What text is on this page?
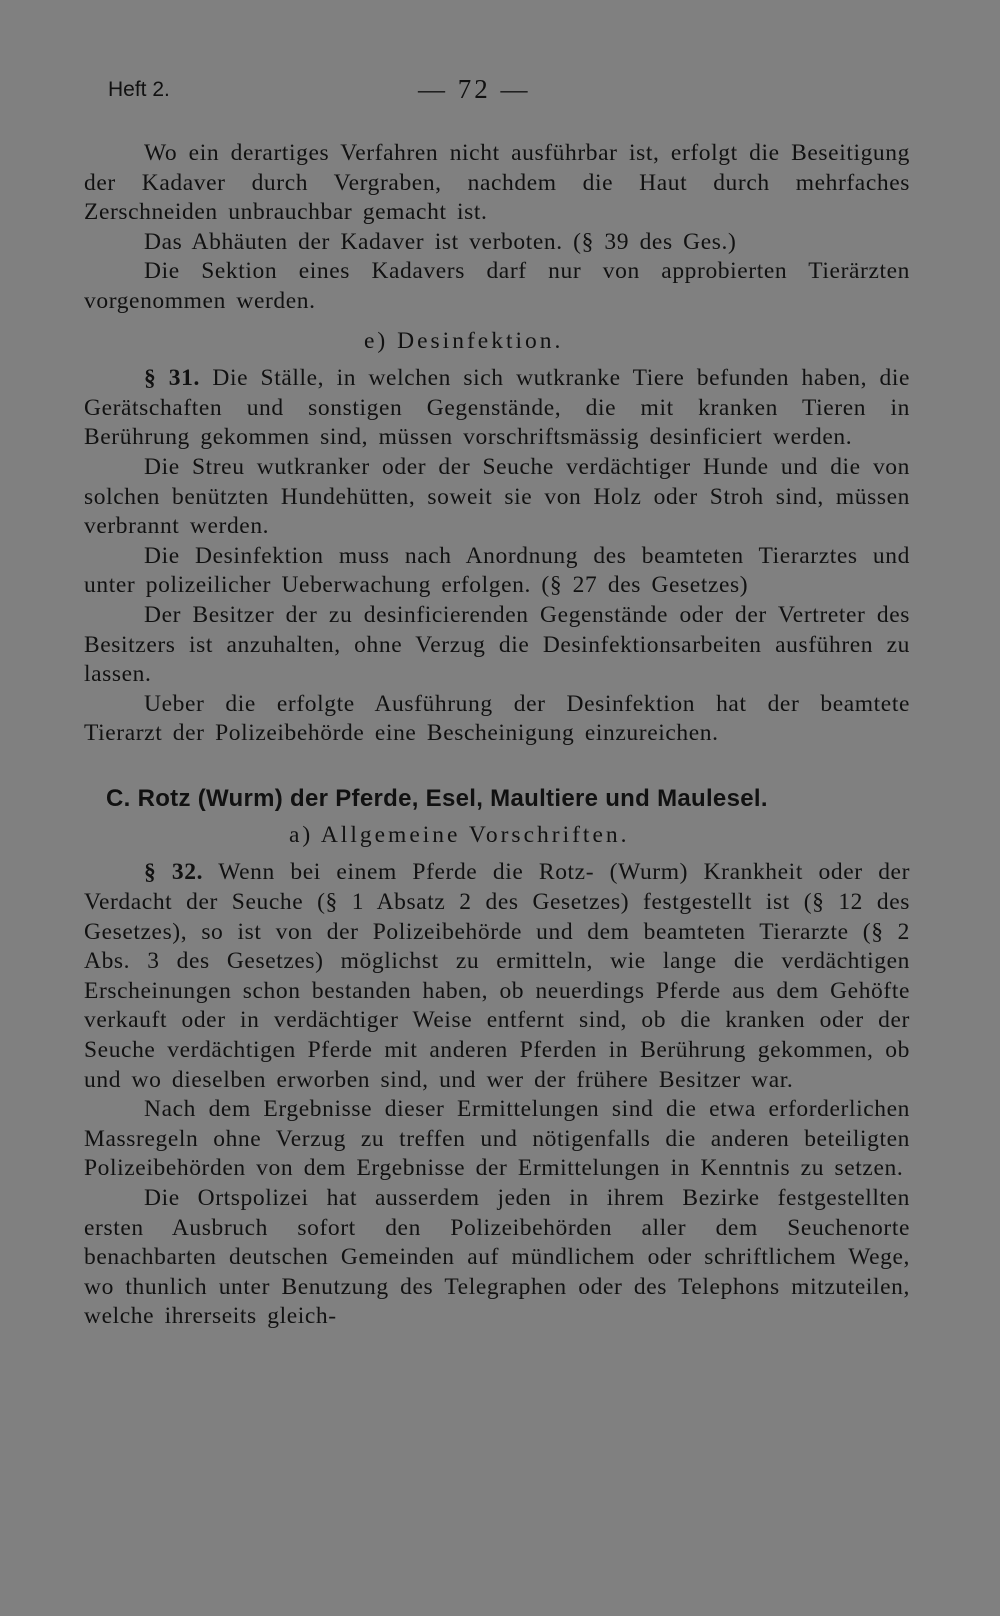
Heft 2.	— 72 —

Wo ein derartiges Verfahren nicht ausführbar ist, erfolgt die Beseitigung der Kadaver durch Vergraben, nachdem die Haut durch mehrfaches Zerschneiden unbrauchbar gemacht ist.

Das Abhäuten der Kadaver ist verboten. (§ 39 des Ges.)

Die Sektion eines Kadavers darf nur von approbierten Tierärzten vorgenommen werden.

e) Desinfektion.

§ 31. Die Ställe, in welchen sich wutkranke Tiere befunden haben, die Gerätschaften und sonstigen Gegenstände, die mit kranken Tieren in Berührung gekommen sind, müssen vorschriftsmässig desinficiert werden.

Die Streu wutkranker oder der Seuche verdächtiger Hunde und die von solchen benützten Hundehütten, soweit sie von Holz oder Stroh sind, müssen verbrannt werden.

Die Desinfektion muss nach Anordnung des beamteten Tierarztes und unter polizeilicher Ueberwachung erfolgen. (§ 27 des Gesetzes)

Der Besitzer der zu desinficierenden Gegenstände oder der Vertreter des Besitzers ist anzuhalten, ohne Verzug die Desinfektionsarbeiten ausführen zu lassen.

Ueber die erfolgte Ausführung der Desinfektion hat der beamtete Tierarzt der Polizeibehörde eine Bescheinigung einzureichen.

C. Rotz (Wurm) der Pferde, Esel, Maultiere und Maulesel.
a) Allgemeine Vorschriften.

§ 32. Wenn bei einem Pferde die Rotz- (Wurm) Krankheit oder der Verdacht der Seuche (§ 1 Absatz 2 des Gesetzes) festgestellt ist (§ 12 des Gesetzes), so ist von der Polizeibehörde und dem beamteten Tierarzte (§ 2 Abs. 3 des Gesetzes) möglichst zu ermitteln, wie lange die verdächtigen Erscheinungen schon bestanden haben, ob neuerdings Pferde aus dem Gehöfte verkauft oder in verdächtiger Weise entfernt sind, ob die kranken oder der Seuche verdächtigen Pferde mit anderen Pferden in Berührung gekommen, ob und wo dieselben erworben sind, und wer der frühere Besitzer war.

Nach dem Ergebnisse dieser Ermittelungen sind die etwa erforderlichen Massregeln ohne Verzug zu treffen und nötigenfalls die anderen beteiligten Polizeibehörden von dem Ergebnisse der Ermittelungen in Kenntnis zu setzen.

Die Ortspolizei hat ausserdem jeden in ihrem Bezirke festgestellten ersten Ausbruch sofort den Polizeibehörden aller dem Seuchenorte benachbarten deutschen Gemeinden auf mündlichem oder schriftlichem Wege, wo thunlich unter Benutzung des Telegraphen oder des Telephons mitzuteilen, welche ihrerseits gleich-
